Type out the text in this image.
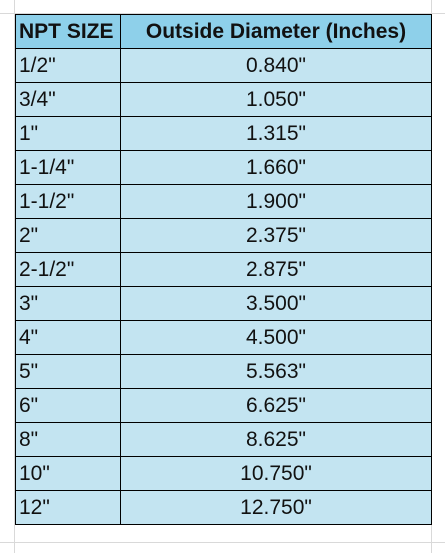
NPT SIZE	Outside Diameter (Inches)
1/2"	0.840"
3/4"	1.050"
1"	1.315"
1-1/4"	1.660"
1-1/2"	1.900"
2"	2.375"
2-1/2"	2.875"
3"	3.500"
4"	4.500"
5"	5.563"
6"	6.625"
8"	8.625"
10"	10.750"
12"	12.750"
